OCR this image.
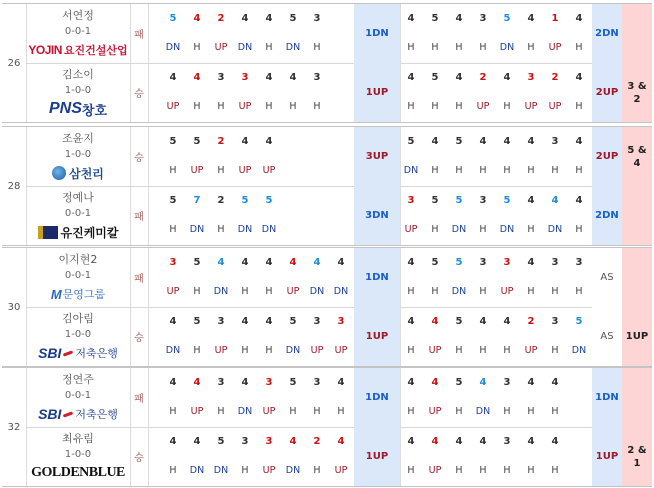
26
서연정
0-0-1
YOJIN 요진건설산업
패
5
DN
4
H
2
UP
4
DN
4
H
5
DN
3
H
1DN
4
H
5
H
4
H
3
H
5
DN
4
H
1
UP
4
H
2DN
김소이
1-0-0
PNS 창호
승
4
UP
4
H
3
H
3
UP
4
H
4
H
3
H
1UP
4
H
5
H
4
H
2
UP
4
H
3
UP
2
UP
4
H
2UP
3 &
2
28
조윤지
1-0-0
삼천리
승
5
H
5
UP
2
H
4
UP
4
UP
3UP
5
DN
4
H
5
H
4
H
4
H
4
H
3
H
4
H
2UP
5 &
4
정예나
0-0-1
유진케미칼
패
5
H
7
DN
2
H
5
DN
5
DN
3DN
3
UP
5
H
5
DN
3
H
5
DN
4
H
4
DN
4
H
2DN
30
이지현2
0-0-1
Μ 문영그룹
패
3
UP
5
H
4
DN
4
H
4
H
4
UP
4
DN
4
DN
1DN
4
H
5
H
5
DN
3
H
3
UP
4
H
3
H
3
H
AS
김아림
1-0-0
SBI 저축은행
승
4
DN
5
H
3
UP
4
H
4
H
5
DN
3
UP
3
UP
1UP
4
H
4
UP
5
H
4
H
4
H
2
UP
3
H
5
DN
AS	1UP
32
정연주
0-0-1
SBI 저축은행
패
4
H
4
UP
3
H
4
DN
3
UP
5
H
3
H
4
H
1DN
4
H
4
UP
5
H
4
DN
3
H
4
H
4
H
1DN
최유림
1-0-0
GOLDENBLUE
승
4
H
4
DN
5
DN
3
H
3
UP
4
DN
2
H
4
UP
1UP
4
H
4
UP
4
H
4
H
3
H
4
H
4
H
1UP
2 &
1
